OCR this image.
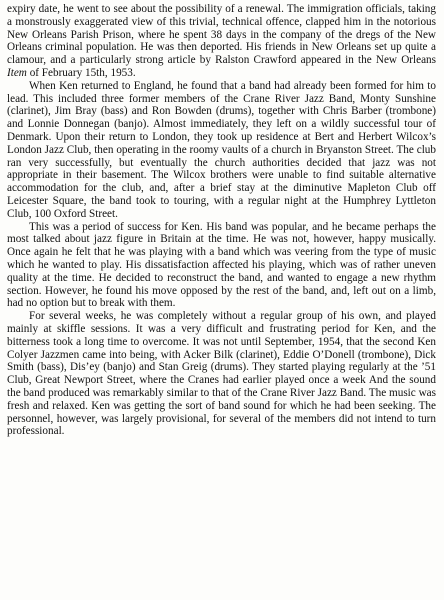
expiry date, he went to see about the possibility of a renewal. The immigration officials, taking a monstrously exaggerated view of this trivial, technical offence, clapped him in the notorious New Orleans Parish Prison, where he spent 38 days in the company of the dregs of the New Orleans criminal population. He was then deported. His friends in New Orleans set up quite a clamour, and a particularly strong article by Ralston Crawford appeared in the New Orleans Item of February 15th, 1953.

When Ken returned to England, he found that a band had already been formed for him to lead. This included three former members of the Crane River Jazz Band, Monty Sunshine (clarinet), Jim Bray (bass) and Ron Bowden (drums), together with Chris Barber (trombone) and Lonnie Donnegan (banjo). Almost immediately, they left on a wildly successful tour of Denmark. Upon their return to London, they took up residence at Bert and Herbert Wilcox’s London Jazz Club, then operating in the roomy vaults of a church in Bryanston Street. The club ran very successfully, but eventually the church authorities decided that jazz was not appropriate in their basement. The Wilcox brothers were unable to find suitable alternative accommodation for the club, and, after a brief stay at the diminutive Mapleton Club off Leicester Square, the band took to touring, with a regular night at the Humphrey Lyttleton Club, 100 Oxford Street.

This was a period of success for Ken. His band was popular, and he became perhaps the most talked about jazz figure in Britain at the time. He was not, however, happy musically. Once again he felt that he was playing with a band which was veering from the type of music which he wanted to play. His dissatisfaction affected his playing, which was of rather uneven quality at the time. He decided to reconstruct the band, and wanted to engage a new rhythm section. However, he found his move opposed by the rest of the band, and, left out on a limb, had no option but to break with them.

For several weeks, he was completely without a regular group of his own, and played mainly at skiffle sessions. It was a very difficult and frustrating period for Ken, and the bitterness took a long time to overcome. It was not until September, 1954, that the second Ken Colyer Jazzmen came into being, with Acker Bilk (clarinet), Eddie O’Donell (trombone), Dick Smith (bass), Dis’ey (banjo) and Stan Greig (drums). They started playing regularly at the ’51 Club, Great Newport Street, where the Cranes had earlier played once a week And the sound the band produced was remarkably similar to that of the Crane River Jazz Band. The music was fresh and relaxed. Ken was getting the sort of band sound for which he had been seeking. The personnel, however, was largely provisional, for several of the members did not intend to turn professional.
